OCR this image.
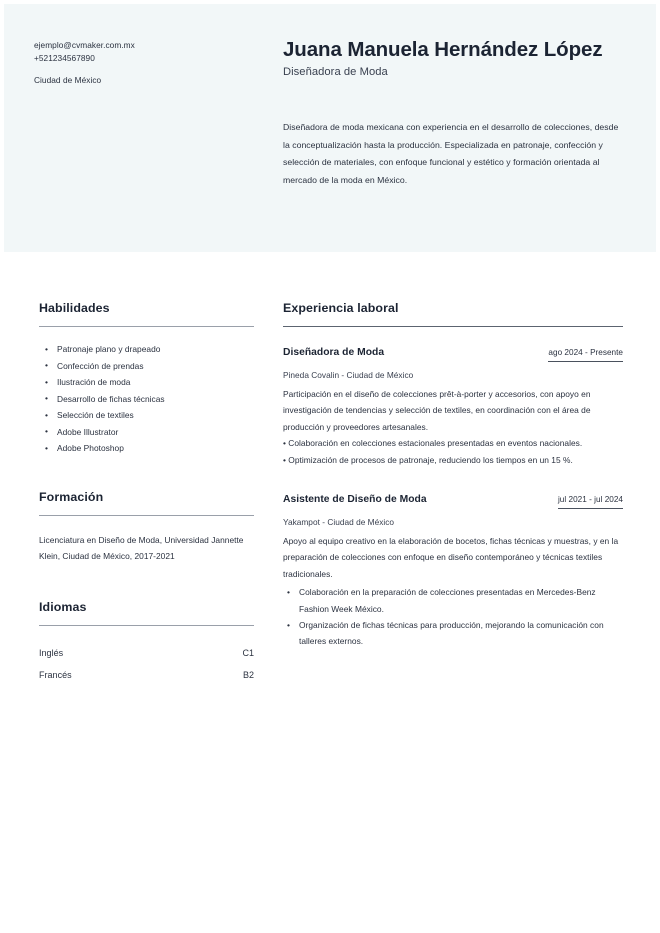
ejemplo@cvmaker.com.mx
+521234567890
Ciudad de México
Juana Manuela Hernández López
Diseñadora de Moda
Diseñadora de moda mexicana con experiencia en el desarrollo de colecciones, desde la conceptualización hasta la producción. Especializada en patronaje, confección y selección de materiales, con enfoque funcional y estético y formación orientada al mercado de la moda en México.
Habilidades
• Patronaje plano y drapeado
• Confección de prendas
• Ilustración de moda
• Desarrollo de fichas técnicas
• Selección de textiles
• Adobe Illustrator
• Adobe Photoshop
Formación
Licenciatura en Diseño de Moda, Universidad Jannette Klein, Ciudad de México, 2017-2021
Idiomas
Inglés	C1
Francés	B2
Experiencia laboral
Diseñadora de Moda	ago 2024 - Presente
Pineda Covalin - Ciudad de México
Participación en el diseño de colecciones prêt-à-porter y accesorios, con apoyo en investigación de tendencias y selección de textiles, en coordinación con el área de producción y proveedores artesanales.
• Colaboración en colecciones estacionales presentadas en eventos nacionales.
• Optimización de procesos de patronaje, reduciendo los tiempos en un 15 %.
Asistente de Diseño de Moda	jul 2021 - jul 2024
Yakampot - Ciudad de México
Apoyo al equipo creativo en la elaboración de bocetos, fichas técnicas y muestras, y en la preparación de colecciones con enfoque en diseño contemporáneo y técnicas textiles tradicionales.
• Colaboración en la preparación de colecciones presentadas en Mercedes-Benz Fashion Week México.
• Organización de fichas técnicas para producción, mejorando la comunicación con talleres externos.
